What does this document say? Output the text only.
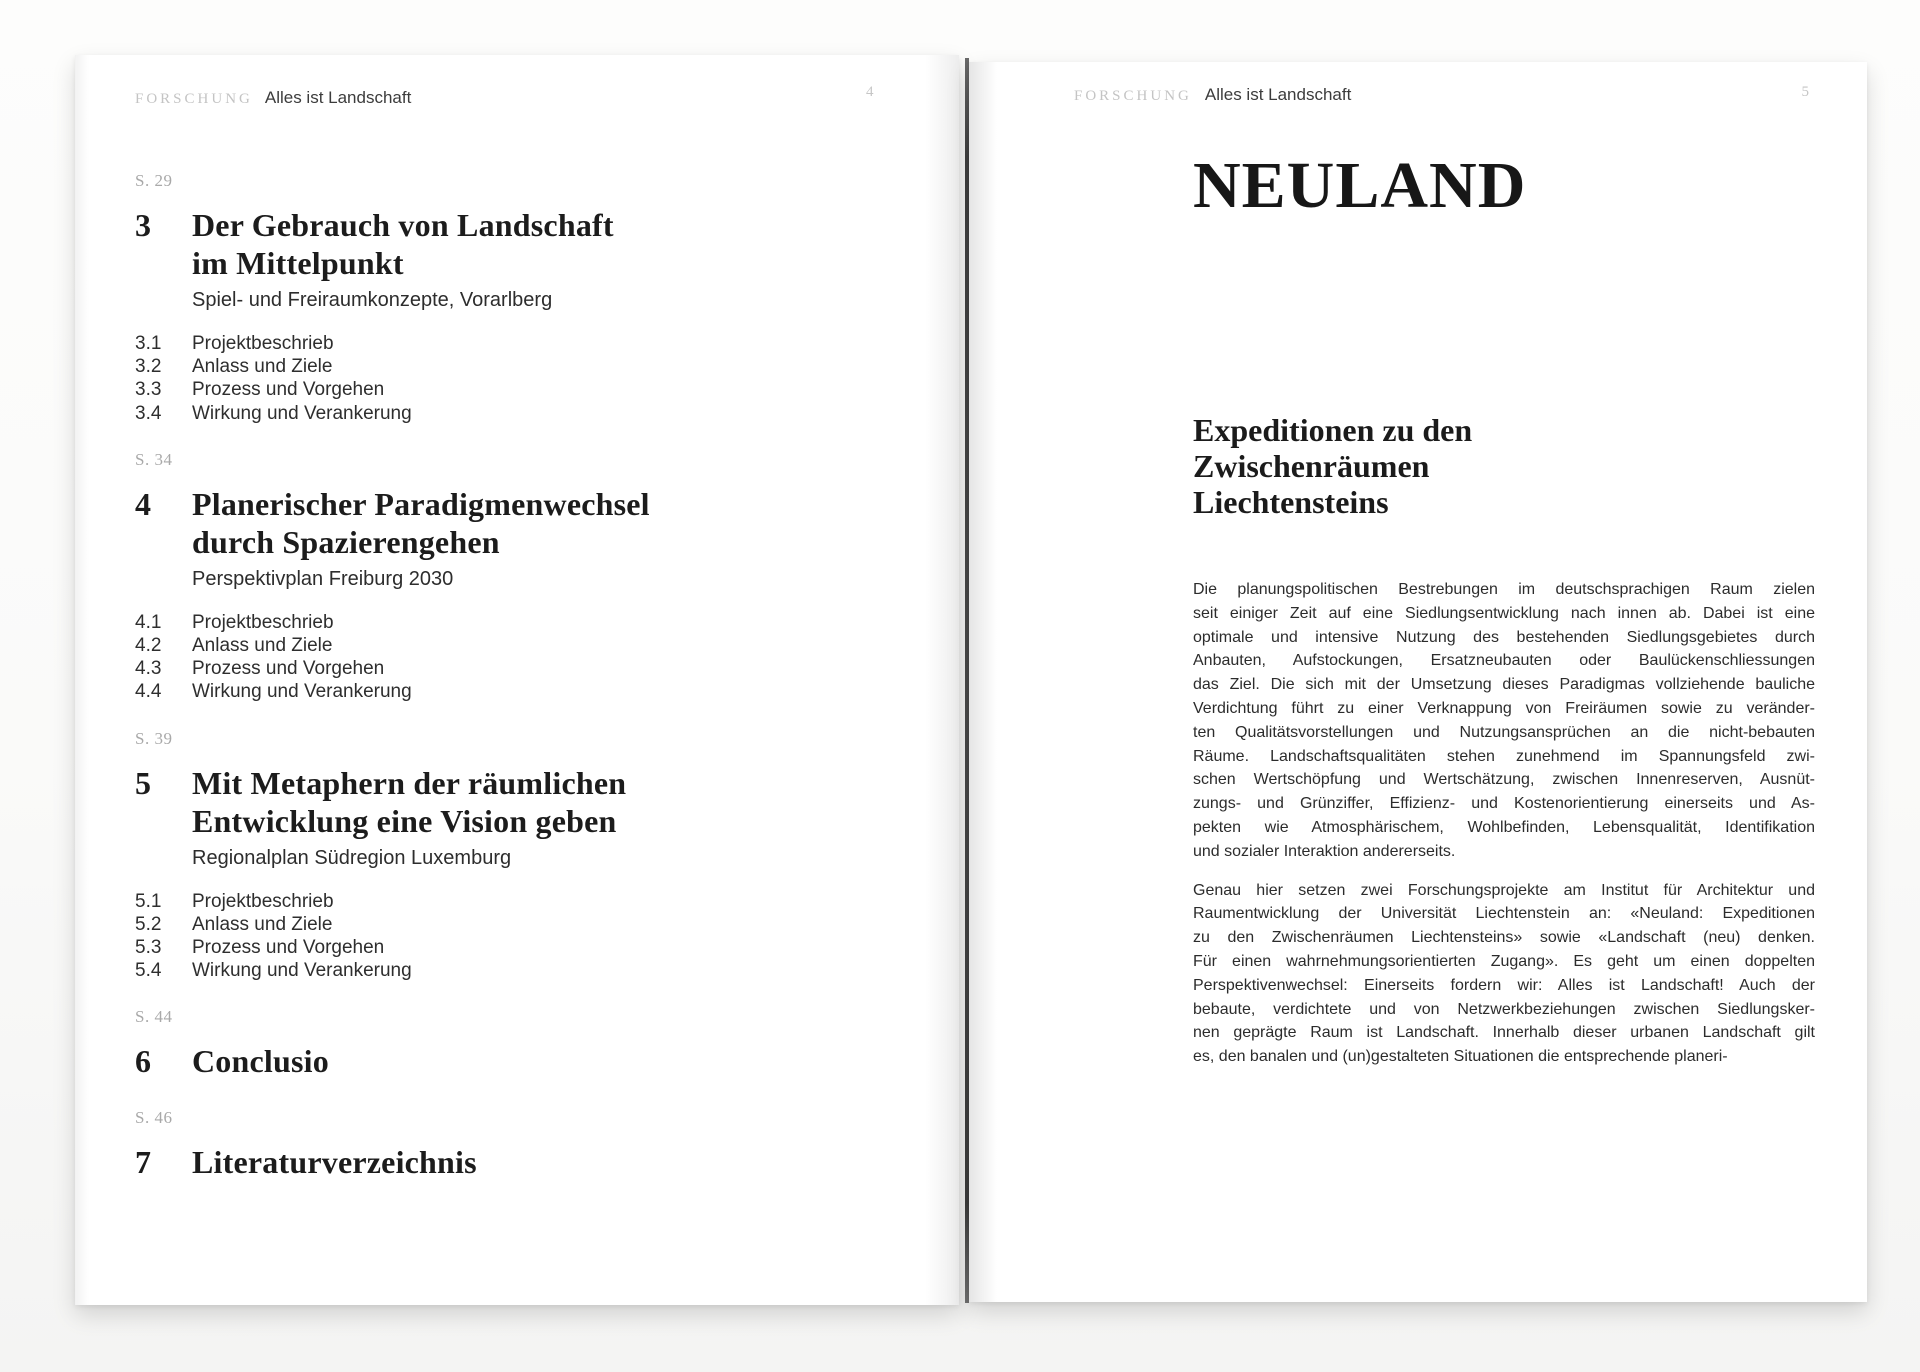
FORSCHUNG Alles ist Landschaft	4
S. 29
3	Der Gebrauch von Landschaft
im Mittelpunkt
Spiel- und Freiraumkonzepte, Vorarlberg
3.1	Projektbeschrieb
3.2	Anlass und Ziele
3.3	Prozess und Vorgehen
3.4	Wirkung und Verankerung
S. 34
4	Planerischer Paradigmenwechsel
durch Spazierengehen
Perspektivplan Freiburg 2030
4.1	Projektbeschrieb
4.2	Anlass und Ziele
4.3	Prozess und Vorgehen
4.4	Wirkung und Verankerung
S. 39
5	Mit Metaphern der räumlichen
Entwicklung eine Vision geben
Regionalplan Südregion Luxemburg
5.1	Projektbeschrieb
5.2	Anlass und Ziele
5.3	Prozess und Vorgehen
5.4	Wirkung und Verankerung
S. 44
6	Conclusio
S. 46
7	Literaturverzeichnis
FORSCHUNG Alles ist Landschaft	5
NEULAND
Expeditionen zu den
Zwischenräumen
Liechtensteins
Die planungspolitischen Bestrebungen im deutschsprachigen Raum zielen
seit einiger Zeit auf eine Siedlungsentwicklung nach innen ab. Dabei ist eine
optimale und intensive Nutzung des bestehenden Siedlungsgebietes durch
Anbauten, Aufstockungen, Ersatzneubauten oder Baulückenschliessungen
das Ziel. Die sich mit der Umsetzung dieses Paradigmas vollziehende bauliche
Verdichtung führt zu einer Verknappung von Freiräumen sowie zu veränder-
ten Qualitätsvorstellungen und Nutzungsansprüchen an die nicht-bebauten
Räume. Landschaftsqualitäten stehen zunehmend im Spannungsfeld zwi-
schen Wertschöpfung und Wertschätzung, zwischen Innenreserven, Ausnüt-
zungs- und Grünziffer, Effizienz- und Kostenorientierung einerseits und As-
pekten wie Atmosphärischem, Wohlbefinden, Lebensqualität, Identifikation
und sozialer Interaktion andererseits.
Genau hier setzen zwei Forschungsprojekte am Institut für Architektur und
Raumentwicklung der Universität Liechtenstein an: «Neuland: Expeditionen
zu den Zwischenräumen Liechtensteins» sowie «Landschaft (neu) denken.
Für einen wahrnehmungsorientierten Zugang». Es geht um einen doppelten
Perspektivenwechsel: Einerseits fordern wir: Alles ist Landschaft! Auch der
bebaute, verdichtete und von Netzwerkbeziehungen zwischen Siedlungsker-
nen geprägte Raum ist Landschaft. Innerhalb dieser urbanen Landschaft gilt
es, den banalen und (un)gestalteten Situationen die entsprechende planeri-
